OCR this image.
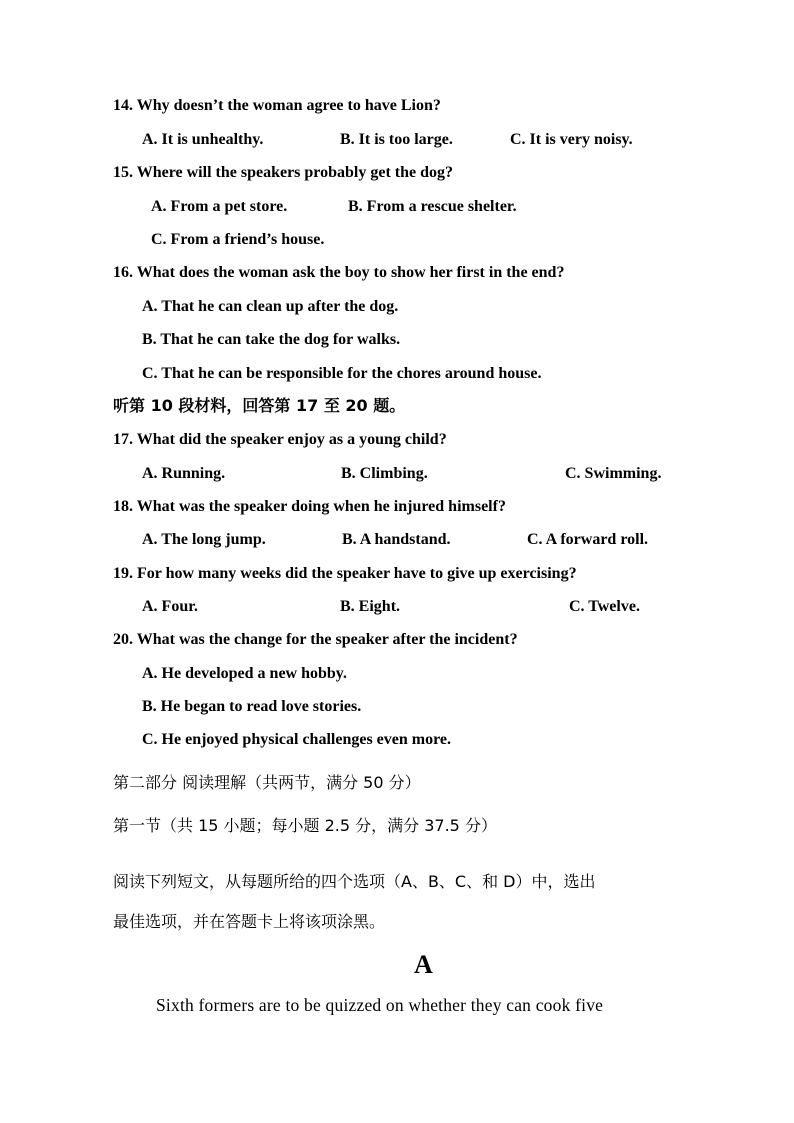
14. Why doesn’t the woman agree to have Lion?
A. It is unhealthy.	B. It is too large.	C. It is very noisy.
15. Where will the speakers probably get the dog?
A. From a pet store.	B. From a rescue shelter.
C. From a friend’s house.
16. What does the woman ask the boy to show her first in the end?
A. That he can clean up after the dog.
B. That he can take the dog for walks.
C. That he can be responsible for the chores around house.
听第 10 段材料，回答第 17 至 20 题。
17. What did the speaker enjoy as a young child?
A. Running.	B. Climbing.	C. Swimming.
18. What was the speaker doing when he injured himself?
A. The long jump.	B. A handstand.	C. A forward roll.
19. For how many weeks did the speaker have to give up exercising?
A. Four.	B. Eight.	C. Twelve.
20. What was the change for the speaker after the incident?
A. He developed a new hobby.
B. He began to read love stories.
C. He enjoyed physical challenges even more.
第二部分 阅读理解（共两节，满分 50 分）
第一节（共 15 小题；每小题 2.5 分，满分 37.5 分）
阅读下列短文，从每题所给的四个选项（A、B、C、和 D）中，选出
最佳选项，并在答题卡上将该项涂黑。
A
Sixth formers are to be quizzed on whether they can cook five
